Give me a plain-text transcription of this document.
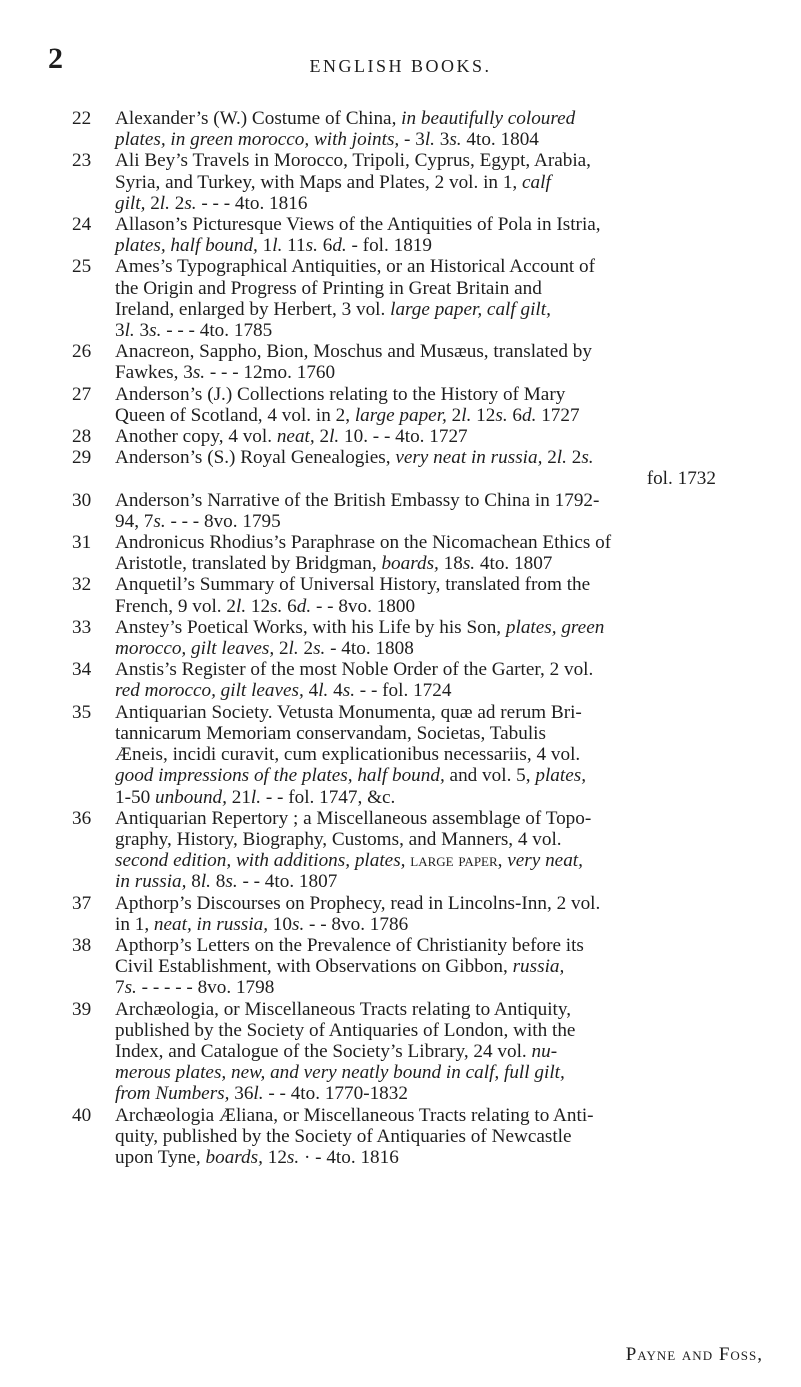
2	ENGLISH BOOKS.
22 Alexander’s (W.) Costume of China, in beautifully coloured
plates, in green morocco, with joints, - 3l. 3s. 4to. 1804
23 Ali Bey’s Travels in Morocco, Tripoli, Cyprus, Egypt, Arabia,
Syria, and Turkey, with Maps and Plates, 2 vol. in 1, calf
gilt, 2l. 2s. - - - 4to. 1816
24 Allason’s Picturesque Views of the Antiquities of Pola in Istria,
plates, half bound, 1l. 11s. 6d. - fol. 1819
25 Ames’s Typographical Antiquities, or an Historical Account of
the Origin and Progress of Printing in Great Britain and
Ireland, enlarged by Herbert, 3 vol. large paper, calf gilt,
3l. 3s. - - - 4to. 1785
26 Anacreon, Sappho, Bion, Moschus and Musæus, translated by
Fawkes, 3s. - - - 12mo. 1760
27 Anderson’s (J.) Collections relating to the History of Mary
Queen of Scotland, 4 vol. in 2, large paper, 2l. 12s. 6d. 1727
28 Another copy, 4 vol. neat, 2l. 10. - - 4to. 1727
29 Anderson’s (S.) Royal Genealogies, very neat in russia, 2l. 2s.
fol. 1732
30 Anderson’s Narrative of the British Embassy to China in 1792-
94, 7s. - - - 8vo. 1795
31 Andronicus Rhodius’s Paraphrase on the Nicomachean Ethics of
Aristotle, translated by Bridgman, boards, 18s. 4to. 1807
32 Anquetil’s Summary of Universal History, translated from the
French, 9 vol. 2l. 12s. 6d. - - 8vo. 1800
33 Anstey’s Poetical Works, with his Life by his Son, plates, green
morocco, gilt leaves, 2l. 2s. - 4to. 1808
34 Anstis’s Register of the most Noble Order of the Garter, 2 vol.
red morocco, gilt leaves, 4l. 4s. - - fol. 1724
35 Antiquarian Society. Vetusta Monumenta, quæ ad rerum Bri-
tannicarum Memoriam conservandam, Societas, Tabulis
Æneis, incidi curavit, cum explicationibus necessariis, 4 vol.
good impressions of the plates, half bound, and vol. 5, plates,
1-50 unbound, 21l. - - fol. 1747, &c.
36 Antiquarian Repertory ; a Miscellaneous assemblage of Topo-
graphy, History, Biography, Customs, and Manners, 4 vol.
second edition, with additions, plates, large paper, very neat,
in russia, 8l. 8s. - - 4to. 1807
37 Apthorp’s Discourses on Prophecy, read in Lincolns-Inn, 2 vol.
in 1, neat, in russia, 10s. - - 8vo. 1786
38 Apthorp’s Letters on the Prevalence of Christianity before its
Civil Establishment, with Observations on Gibbon, russia,
7s. - - - - - 8vo. 1798
39 Archæologia, or Miscellaneous Tracts relating to Antiquity,
published by the Society of Antiquaries of London, with the
Index, and Catalogue of the Society’s Library, 24 vol. nu-
merous plates, new, and very neatly bound in calf, full gilt,
from Numbers, 36l. - - 4to. 1770-1832
40 Archæologia Æliana, or Miscellaneous Tracts relating to Anti-
quity, published by the Society of Antiquaries of Newcastle
upon Tyne, boards, 12s. · - 4to. 1816
Payne and Foss,
